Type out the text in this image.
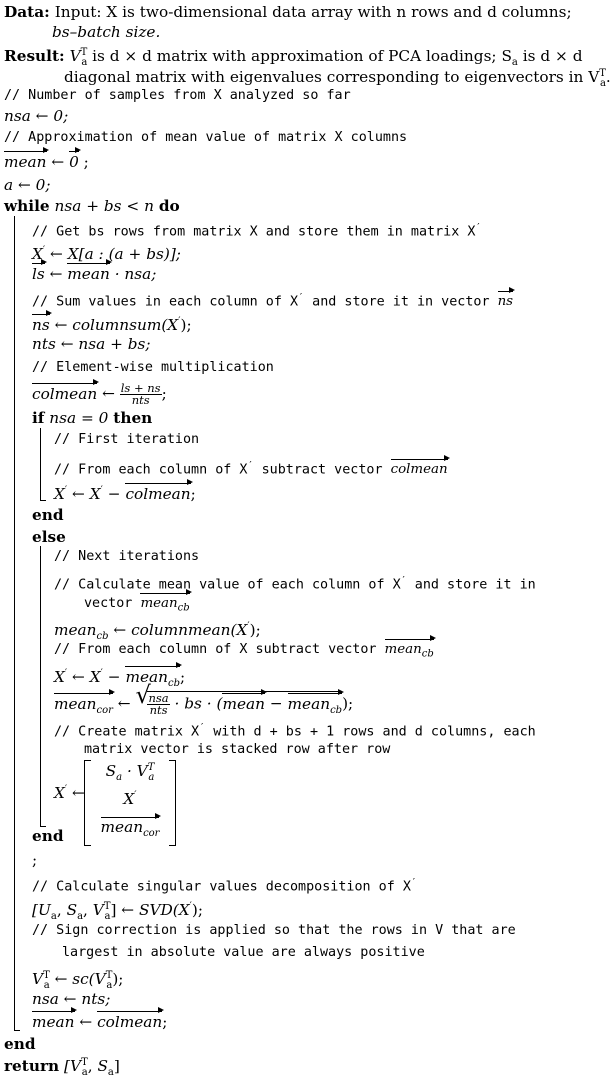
Data: Input: X is two-dimensional data array with n rows and d columns;
bs–batch size.
Result: $V^T_a$ is d × d matrix with approximation of PCA loadings; $S_a$ is d × d
diagonal matrix with eigenvalues corresponding to eigenvectors in $V^T_a$.
// Number of samples from X analyzed so far
nsa ← 0;
// Approximation of mean value of matrix X columns
mean ← 0 ;
a ← 0;
while nsa + bs < n do
// Get bs rows from matrix X and store them in matrix X′
X′ ← X[a : (a + bs)];
ls ← mean · nsa;
// Sum values in each column of X′ and store it in vector ns
ns ← columnsum(X′);
nts ← nsa + bs;
// Element-wise multiplication
colmean ← $\frac{ls + ns}{\text{nts}}$ ;
if nsa = 0 then
// First iteration
// From each column of X′ subtract vector colmean
X′ ← X′ − colmean;
end
else
// Next iterations
// Calculate mean value of each column of X′ and store it in
vector mean$_{cb}$
mean$_{cb}$ ← columnmean(X′);
// From each column of X subtract vector mean$_{cb}$
X′ ← X′ − mean$_{cb}$;
mean$_{cor}$ ← √
$\frac{\text{nsa}}{\text{nts}}$ · bs · (mean − mean$_{cb}$);
// Create matrix X′ with d + bs + 1 rows and d columns, each
matrix vector is stacked row after row
X′ ←
$S_a \cdot V^T_a$
X′
mean$_{cor}$
end
;
// Calculate singular values decomposition of X′
[$U_a$, $S_a$, $V^T_a$] ← SVD(X′);
// Sign correction is applied so that the rows in V that are
largest in absolute value are always positive
$V^T_a$ ← $sc(V^T_a)$;
nsa ← nts;
mean ← colmean;
end
return [$V^T_a$, $S_a$]
